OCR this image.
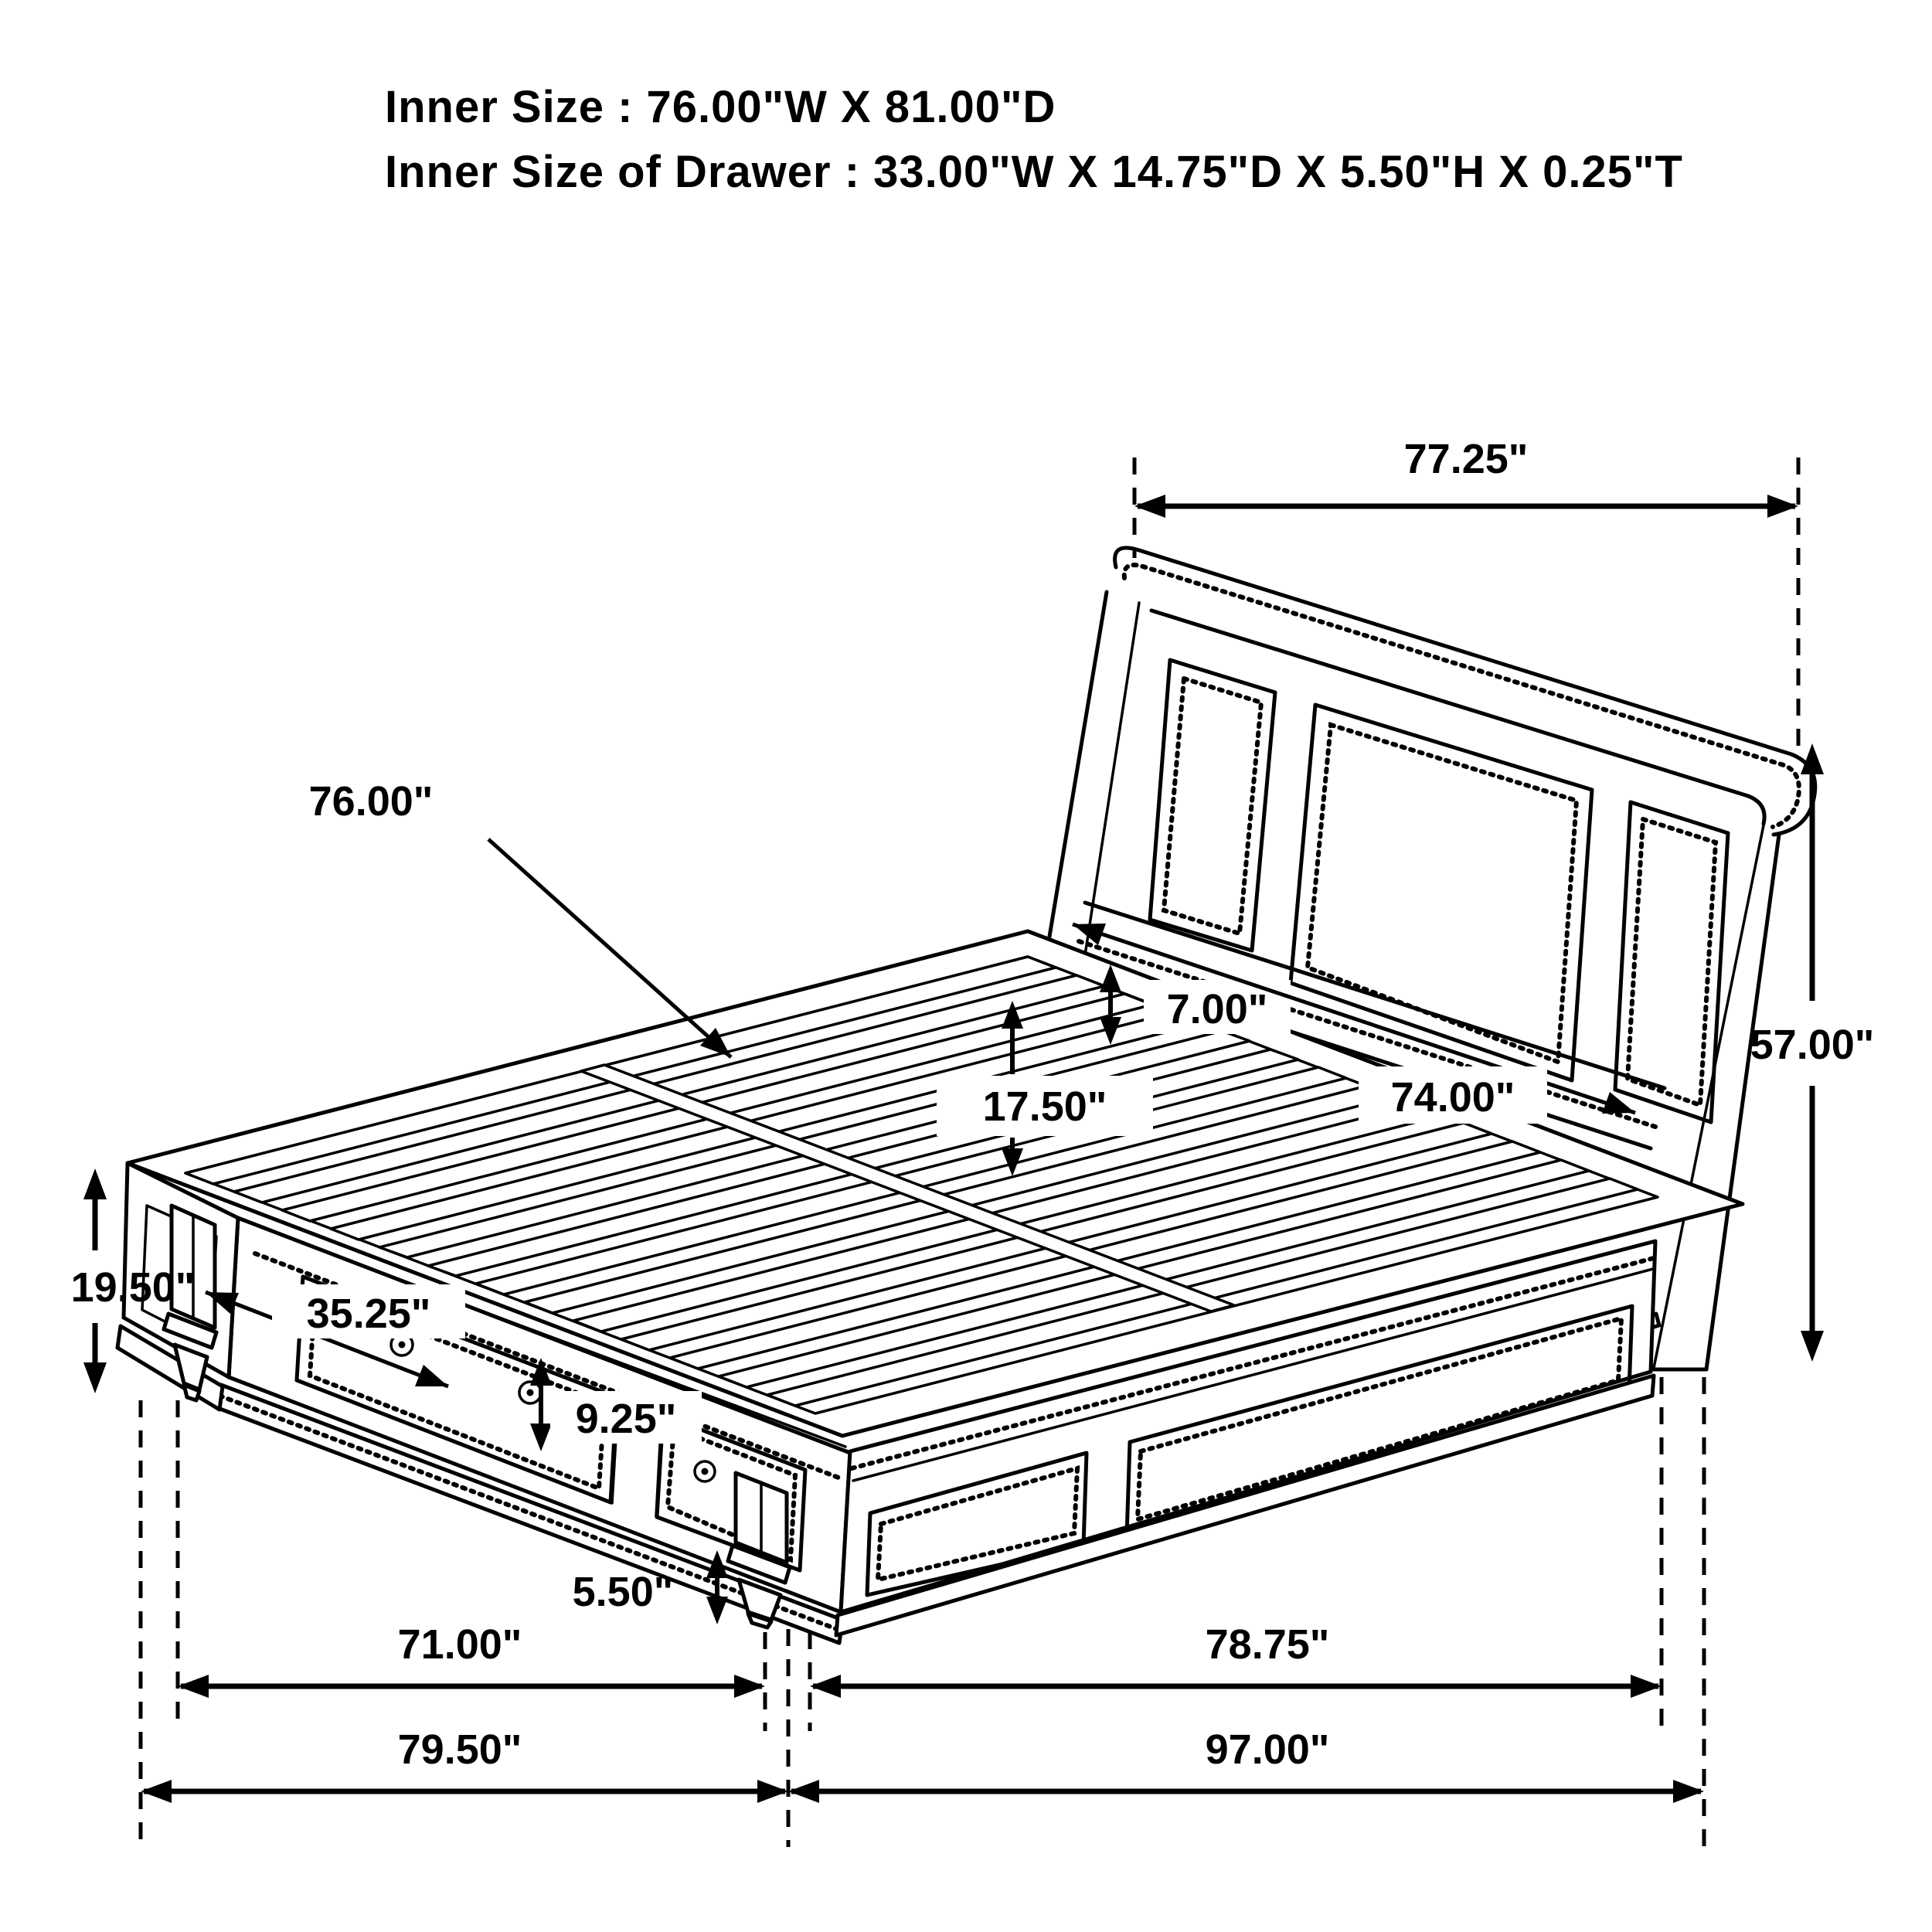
Inner Size : 76.00"W X 81.00"D
Inner Size of Drawer : 33.00"W X 14.75"D X 5.50"H X 0.25"T
77.25"
76.00"
7.00"
17.50"	74.00"
57.00"
19.50"
35.25"
9.25"
5.50"
71.00"	78.75"
79.50"	97.00"
